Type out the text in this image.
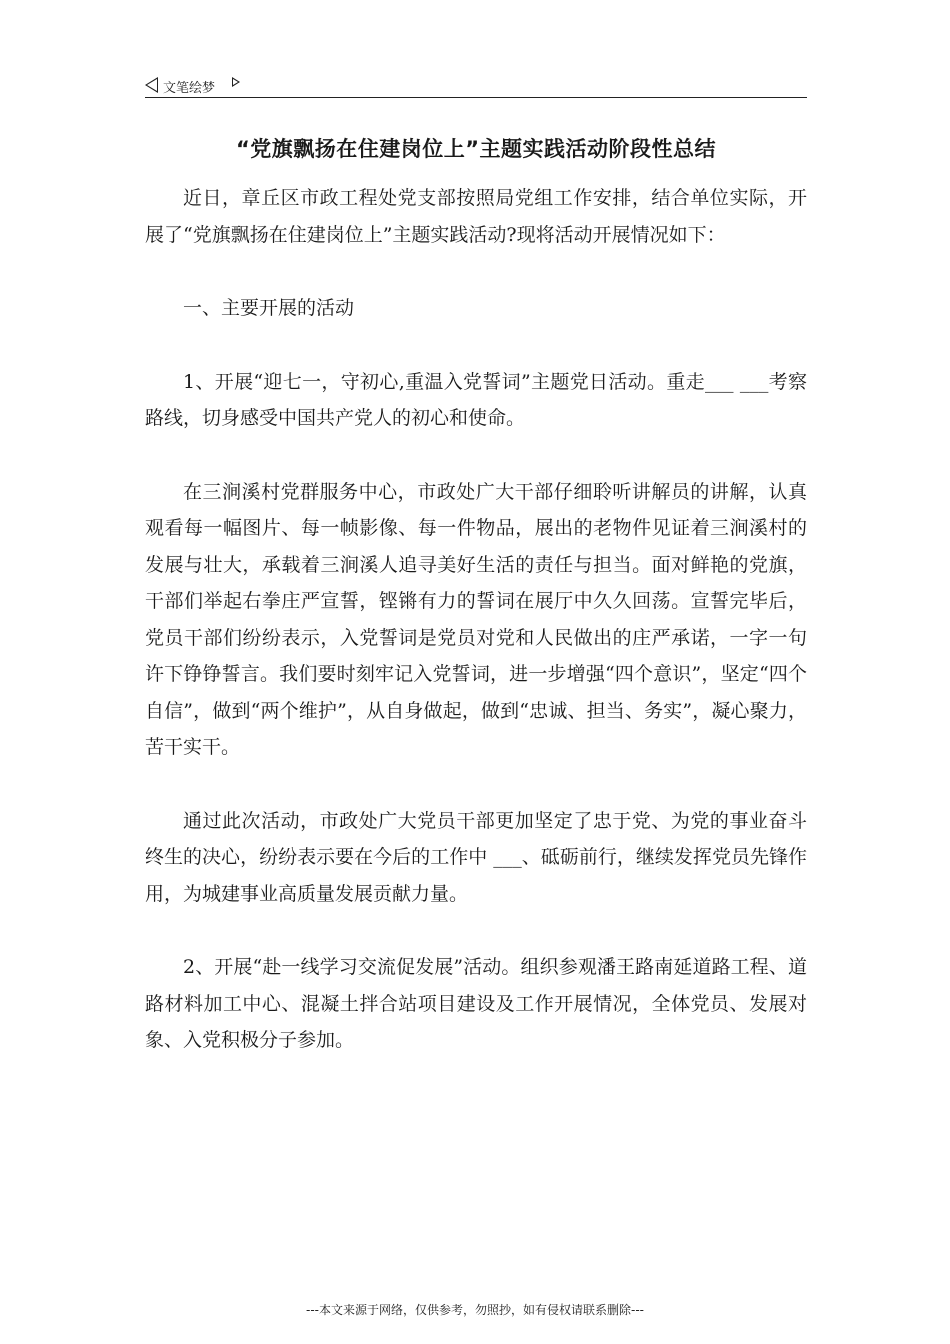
文笔绘梦
“党旗飘扬在住建岗位上”主题实践活动阶段性总结

近日，章丘区市政工程处党支部按照局党组工作安排，结合单位实际，开展了“党旗飘扬在住建岗位上”主题实践活动?现将活动开展情况如下：

一、主要开展的活动

1、开展“迎七一，守初心,重温入党誓词”主题党日活动。重走___ ___考察路线，切身感受中国共产党人的初心和使命。

在三涧溪村党群服务中心，市政处广大干部仔细聆听讲解员的讲解，认真观看每一幅图片、每一帧影像、每一件物品，展出的老物件见证着三涧溪村的发展与壮大，承载着三涧溪人追寻美好生活的责任与担当。面对鲜艳的党旗，干部们举起右拳庄严宣誓，铿锵有力的誓词在展厅中久久回荡。宣誓完毕后，党员干部们纷纷表示，入党誓词是党员对党和人民做出的庄严承诺，一字一句许下铮铮誓言。我们要时刻牢记入党誓词，进一步增强“四个意识”，坚定“四个自信”，做到“两个维护”，从自身做起，做到“忠诚、担当、务实”，凝心聚力，苦干实干。

通过此次活动，市政处广大党员干部更加坚定了忠于党、为党的事业奋斗终生的决心，纷纷表示要在今后的工作中 ___、砥砺前行，继续发挥党员先锋作用，为城建事业高质量发展贡献力量。

2、开展“赴一线学习交流促发展”活动。组织参观潘王路南延道路工程、道路材料加工中心、混凝土拌合站项目建设及工作开展情况，全体党员、发展对象、入党积极分子参加。

---本文来源于网络，仅供参考，勿照抄，如有侵权请联系删除---
